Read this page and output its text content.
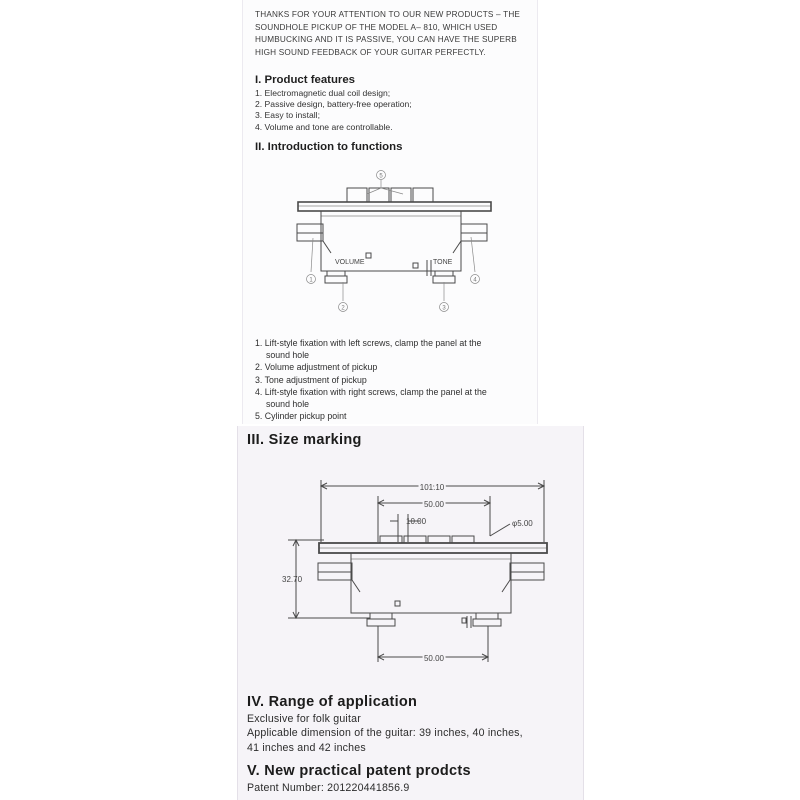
THANKS FOR YOUR ATTENTION TO OUR NEW PRODUCTS – THE
SOUNDHOLE PICKUP OF THE MODEL A– 810, WHICH USED
HUMBUCKING AND IT IS PASSIVE, YOU CAN HAVE THE SUPERB
HIGH SOUND FEEDBACK OF YOUR GUITAR PERFECTLY.
I. Product features
1. Electromagnetic dual coil design;
2. Passive design, battery-free operation;
3. Easy to install;
4. Volume and tone are controllable.
II. Introduction to functions
5
1
2	3
4
VOLUME	TONE
1. Lift-style fixation with left screws, clamp the panel at the
sound hole
2. Volume adjustment of pickup
3. Tone adjustment of pickup
4. Lift-style fixation with right screws, clamp the panel at the
sound hole
5. Cylinder pickup point
III. Size marking
101.10
50.00
10.00	φ5.00
32.70
50.00
IV. Range of application
Exclusive for folk guitar
Applicable dimension of the guitar: 39 inches, 40 inches,
41 inches and 42 inches
V. New practical patent prodcts
Patent Number: 201220441856.9
